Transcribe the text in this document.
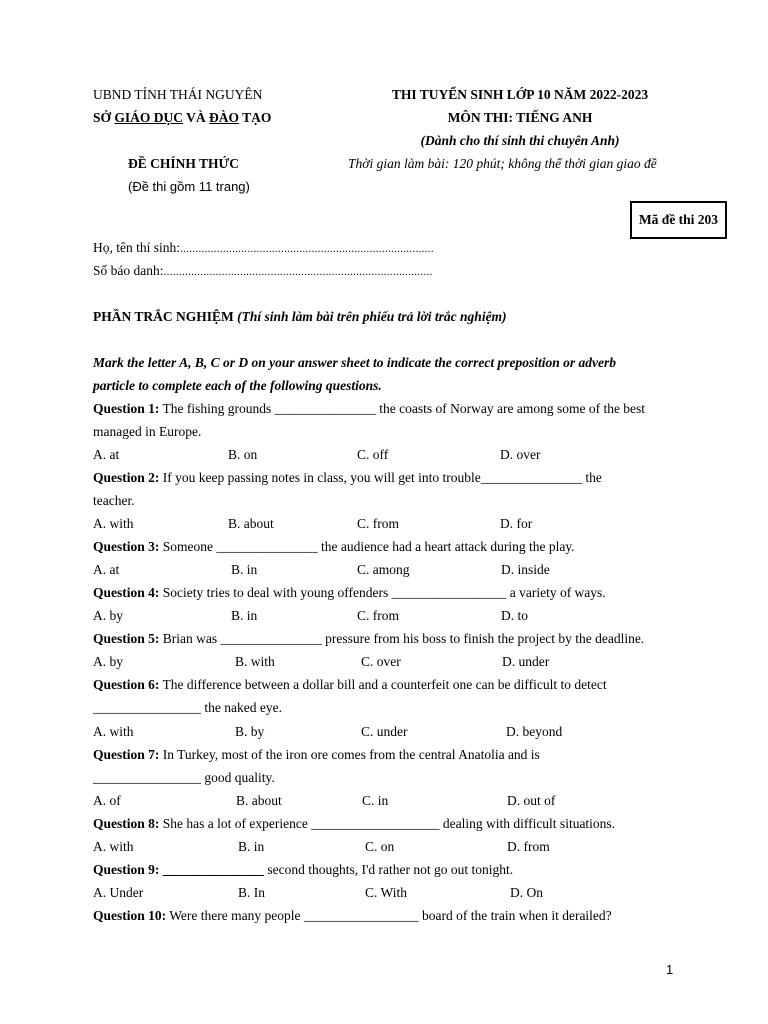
UBND TỈNH THÁI NGUYÊN
SỞ GIÁO DỤC VÀ ĐÀO TẠO
ĐỀ CHÍNH THỨC
(Đề thi gồm 11 trang)
THI TUYỂN SINH LỚP 10 NĂM 2022-2023
MÔN THI: TIẾNG ANH
(Dành cho thí sinh thi chuyên Anh)
Thời gian làm bài: 120 phút; không thể thời gian giao đề
Mã đề thi 203
Họ, tên thí sinh:...................................................................................
Số báo danh:........................................................................................
PHẦN TRẮC NGHIỆM (Thí sinh làm bài trên phiếu trả lời trắc nghiệm)
Mark the letter A, B, C or D on your answer sheet to indicate the correct preposition or adverb
particle to complete each of the following questions.
Question 1: The fishing grounds _______________ the coasts of Norway are among some of the best
managed in Europe.
A. at	B. on	C. off	D. over
Question 2: If you keep passing notes in class, you will get into trouble_______________ the
teacher.
A. with	B. about	C. from	D. for
Question 3: Someone _______________ the audience had a heart attack during the play.
A. at	B. in	C. among	D. inside
Question 4: Society tries to deal with young offenders _________________ a variety of ways.
A. by	B. in	C. from	D. to
Question 5: Brian was _______________ pressure from his boss to finish the project by the deadline.
A. by	B. with	C. over	D. under
Question 6: The difference between a dollar bill and a counterfeit one can be difficult to detect
________________ the naked eye.
A. with	B. by	C. under	D. beyond
Question 7: In Turkey, most of the iron ore comes from the central Anatolia and is
________________ good quality.
A. of	B. about	C. in	D. out of
Question 8: She has a lot of experience ___________________ dealing with difficult situations.
A. with	B. in	C. on	D. from
Question 9: _______________ second thoughts, I'd rather not go out tonight.
A. Under	B. In	C. With	D. On
Question 10: Were there many people _________________ board of the train when it derailed?
1
